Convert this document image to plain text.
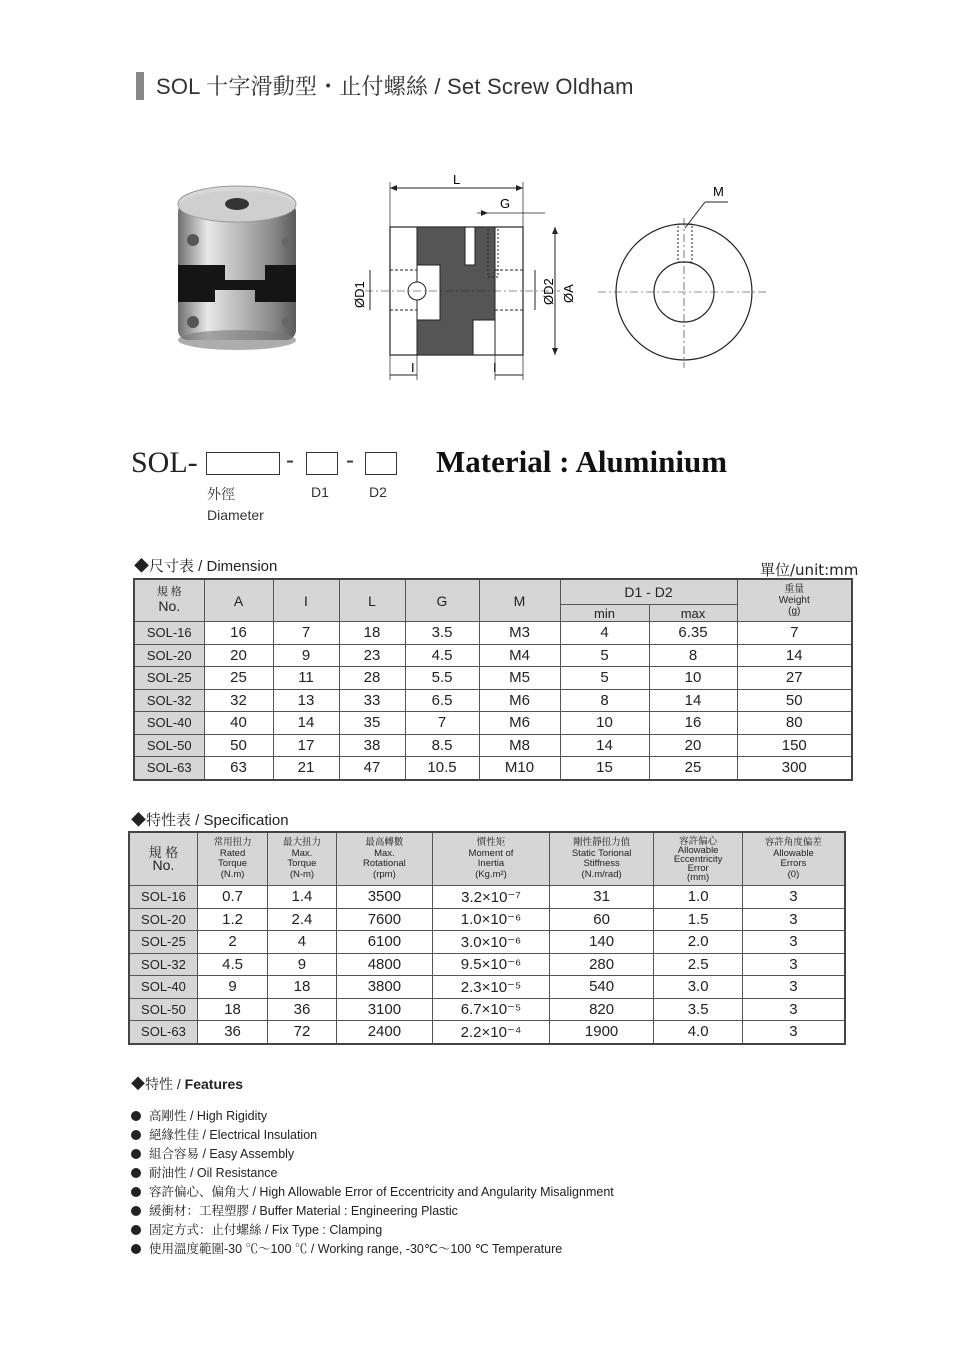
SOL 十字滑動型・止付螺絲 / Set Screw Oldham
L
G
ØD1	ØD2 ØA
I	I
M
SOL-	- -
外徑	D1	D2
Diameter
Material : Aluminium
◆尺寸表 / Dimension	單位/unit:mm
規 格
No.	A	I	L	G	M	D1 - D2		重量
Weight
(g)

						min	max	
SOL-16	16	7	18	3.5	M3	4	6.35	7
SOL-20	20	9	23	4.5	M4	5	8	14
SOL-25	25	11	28	5.5	M5	5	10	27
SOL-32	32	13	33	6.5	M6	8	14	50
SOL-40	40	14	35	7	M6	10	16	80
SOL-50	50	17	38	8.5	M8	14	20	150
SOL-63	63	21	47	10.5	M10	15	25	300
◆特性表 / Specification
規 格
No.	常用扭力
Rated
Torque
(N.m)	最大扭力
Max.
Torque
(N-m)	最高轉數
Max.
Rotational
(rpm)	慣性矩
Moment of
Inertia
(Kg.m²)	剛性靜扭力值
Static Torional
Stiffness
(N.m/rad)	容許偏心
Allowable
Eccentricity
Error
(mm)	容許角度偏差
Allowable
Errors
(0)

SOL-16	0.7	1.4	3500	3.2×10⁻⁷	31	1.0	3
SOL-20	1.2	2.4	7600	1.0×10⁻⁶	60	1.5	3
SOL-25	2	4	6100	3.0×10⁻⁶	140	2.0	3
SOL-32	4.5	9	4800	9.5×10⁻⁶	280	2.5	3
SOL-40	9	18	3800	2.3×10⁻⁵	540	3.0	3
SOL-50	18	36	3100	6.7×10⁻⁵	820	3.5	3
SOL-63	36	72	2400	2.2×10⁻⁴	1900	4.0	3
◆特性 / Features
高剛性 / High Rigidity
絕緣性佳 / Electrical Insulation
組合容易 / Easy Assembly
耐油性 / Oil Resistance
容許偏心、偏角大 / High Allowable Error of Eccentricity and Angularity Misalignment
緩衝材：工程塑膠 / Buffer Material : Engineering Plastic
固定方式：止付螺絲 / Fix Type : Clamping
使用溫度範圍-30 ℃～100 ℃ / Working range, -30℃～100 ℃ Temperature
